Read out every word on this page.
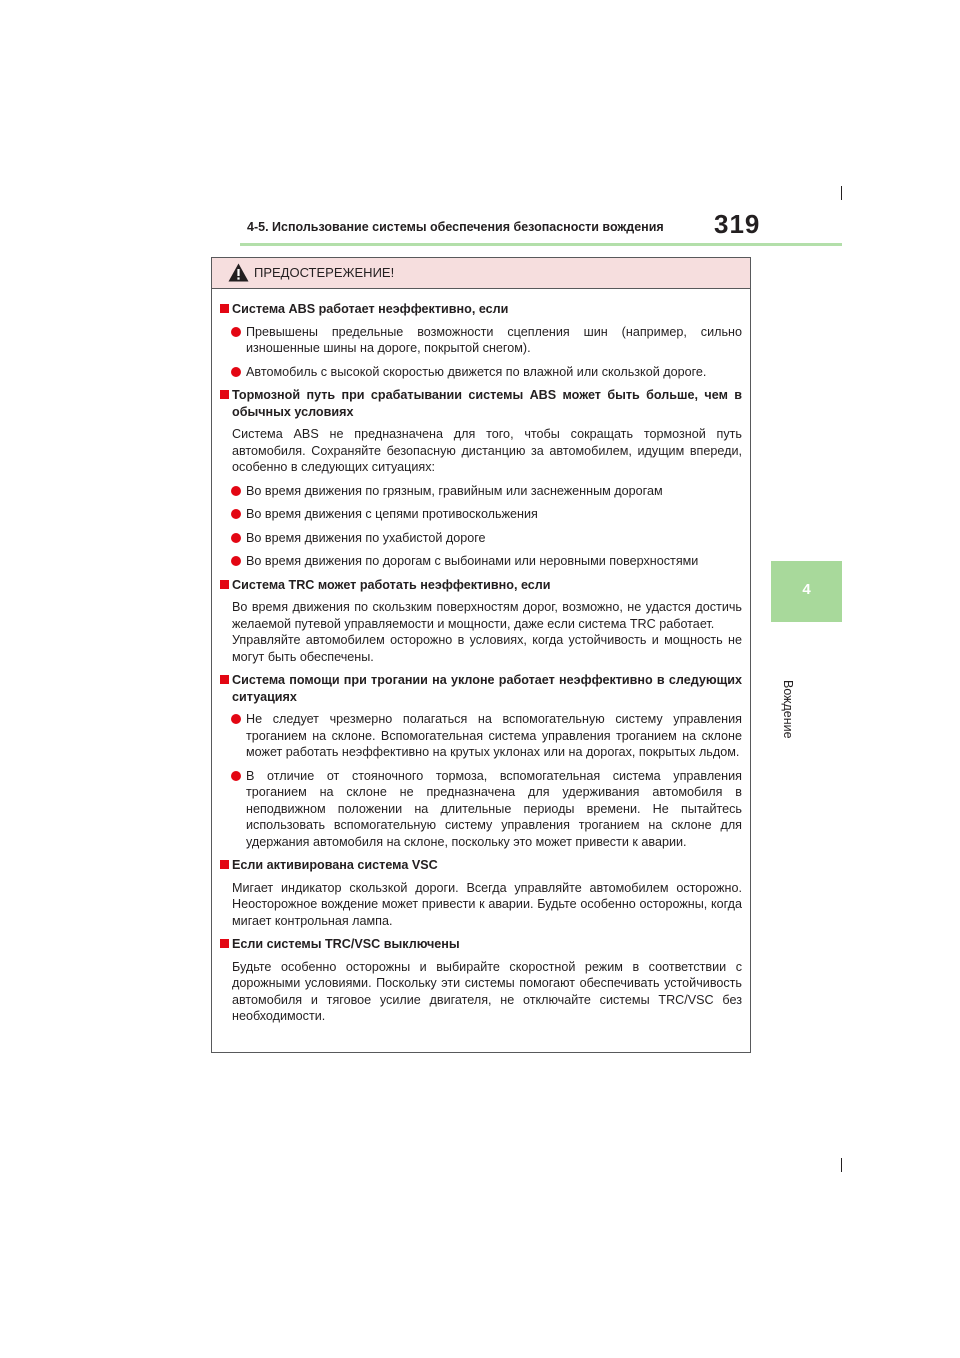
4-5. Использование системы обеспечения безопасности вождения 319
4
Вождение
ПРЕДОСТЕРЕЖЕНИЕ!
Система ABS работает неэффективно, если
Превышены предельные возможности сцепления шин (например, сильно изношенные шины на дороге, покрытой снегом).
Автомобиль с высокой скоростью движется по влажной или скользкой дороге.
Тормозной путь при срабатывании системы ABS может быть больше, чем в обычных условиях
Система ABS не предназначена для того, чтобы сокращать тормозной путь автомобиля. Сохраняйте безопасную дистанцию за автомобилем, идущим впереди, особенно в следующих ситуациях:
Во время движения по грязным, гравийным или заснеженным дорогам
Во время движения с цепями противоскольжения
Во время движения по ухабистой дороге
Во время движения по дорогам с выбоинами или неровными поверхностями
Система TRC может работать неэффективно, если
Во время движения по скользким поверхностям дорог, возможно, не удастся достичь желаемой путевой управляемости и мощности, даже если система TRC работает.
Управляйте автомобилем осторожно в условиях, когда устойчивость и мощность не могут быть обеспечены.
Система помощи при трогании на уклоне работает неэффективно в следующих ситуациях
Не следует чрезмерно полагаться на вспомогательную систему управления троганием на склоне. Вспомогательная система управления троганием на склоне может работать неэффективно на крутых уклонах или на дорогах, покрытых льдом.
В отличие от стояночного тормоза, вспомогательная система управления троганием на склоне не предназначена для удерживания автомобиля в неподвижном положении на длительные периоды времени. Не пытайтесь использовать вспомогательную систему управления троганием на склоне для удержания автомобиля на склоне, поскольку это может привести к аварии.
Если активирована система VSC
Мигает индикатор скользкой дороги. Всегда управляйте автомобилем осторожно. Неосторожное вождение может привести к аварии. Будьте особенно осторожны, когда мигает контрольная лампа.
Если системы TRC/VSC выключены
Будьте особенно осторожны и выбирайте скоростной режим в соответствии с дорожными условиями. Поскольку эти системы помогают обеспечивать устойчивость автомобиля и тяговое усилие двигателя, не отключайте системы TRC/VSC без необходимости.
